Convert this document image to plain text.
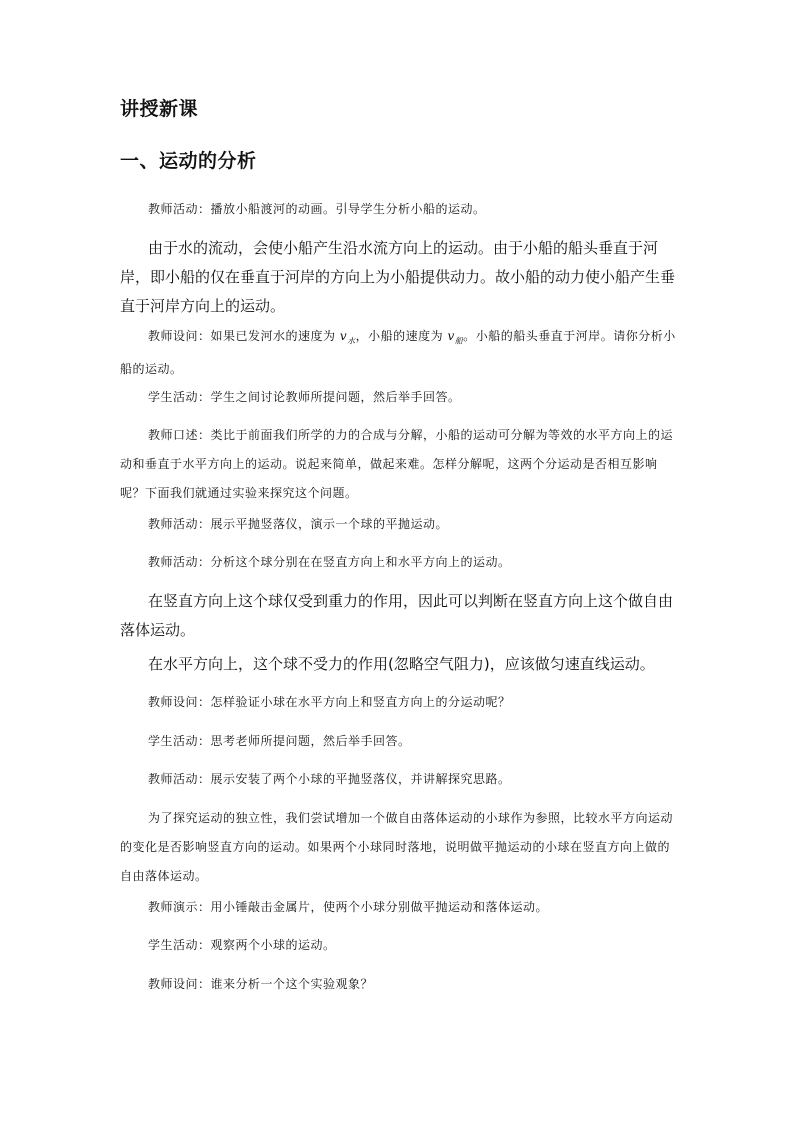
讲授新课
一、运动的分析

教师活动：播放小船渡河的动画。引导学生分析小船的运动。

由于水的流动，会使小船产生沿水流方向上的运动。由于小船的船头垂直于河岸，即小船的仅在垂直于河岸的方向上为小船提供动力。故小船的动力使小船产生垂直于河岸方向上的运动。

教师设问：如果已发河水的速度为 $v_水$，小船的速度为 $v_船$。小船的船头垂直于河岸。请你分析小船的运动。

学生活动：学生之间讨论教师所提问题，然后举手回答。

教师口述：类比于前面我们所学的力的合成与分解，小船的运动可分解为等效的水平方向上的运动和垂直于水平方向上的运动。说起来简单，做起来难。怎样分解呢，这两个分运动是否相互影响呢？下面我们就通过实验来探究这个问题。

教师活动：展示平抛竖落仪，演示一个球的平抛运动。

教师活动：分析这个球分别在在竖直方向上和水平方向上的运动。

在竖直方向上这个球仅受到重力的作用，因此可以判断在竖直方向上这个做自由落体运动。

在水平方向上，这个球不受力的作用(忽略空气阻力)，应该做匀速直线运动。

教师设问：怎样验证小球在水平方向上和竖直方向上的分运动呢？

学生活动：思考老师所提问题，然后举手回答。

教师活动：展示安装了两个小球的平抛竖落仪，并讲解探究思路。

为了探究运动的独立性，我们尝试增加一个做自由落体运动的小球作为参照，比较水平方向运动的变化是否影响竖直方向的运动。如果两个小球同时落地，说明做平抛运动的小球在竖直方向上做的自由落体运动。

教师演示：用小锤敲击金属片，使两个小球分别做平抛运动和落体运动。

学生活动：观察两个小球的运动。

教师设问：谁来分析一个这个实验观象？
